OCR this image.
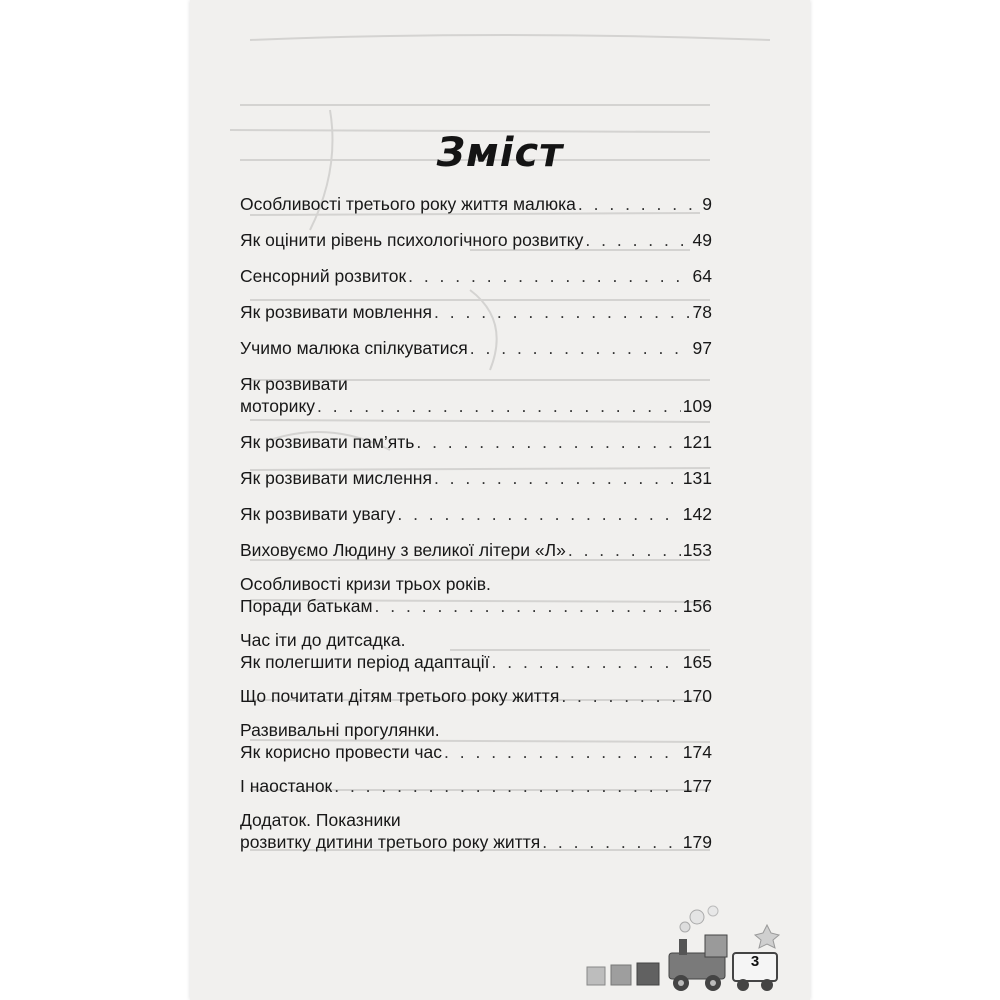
Зміст
Особливості третього року життя малюка . . .	9
Як оцінити рівень психологічного розвитку . . .	49
Сенсорний розвиток . . .	64
Як розвивати мовлення . . .	78
Учимо малюка спілкуватися . . .	97
Як розвивати
моторику . . .	109
Як розвивати пам’ять . . .	121
Як розвивати мислення . . .	131
Як розвивати увагу . . .	142
Виховуємо Людину з великої літери «Л» . . .	153
Особливості кризи трьох років.
Поради батькам . . .	156
Час іти до дитсадка.
Як полегшити період адаптації . . .	165
Що почитати дітям третього року життя . . .	170
Развивальні прогулянки.
Як корисно провести час . . .	174
І наостанок . . .	177
Додаток. Показники
розвитку дитини третього року життя . . .	179
3
